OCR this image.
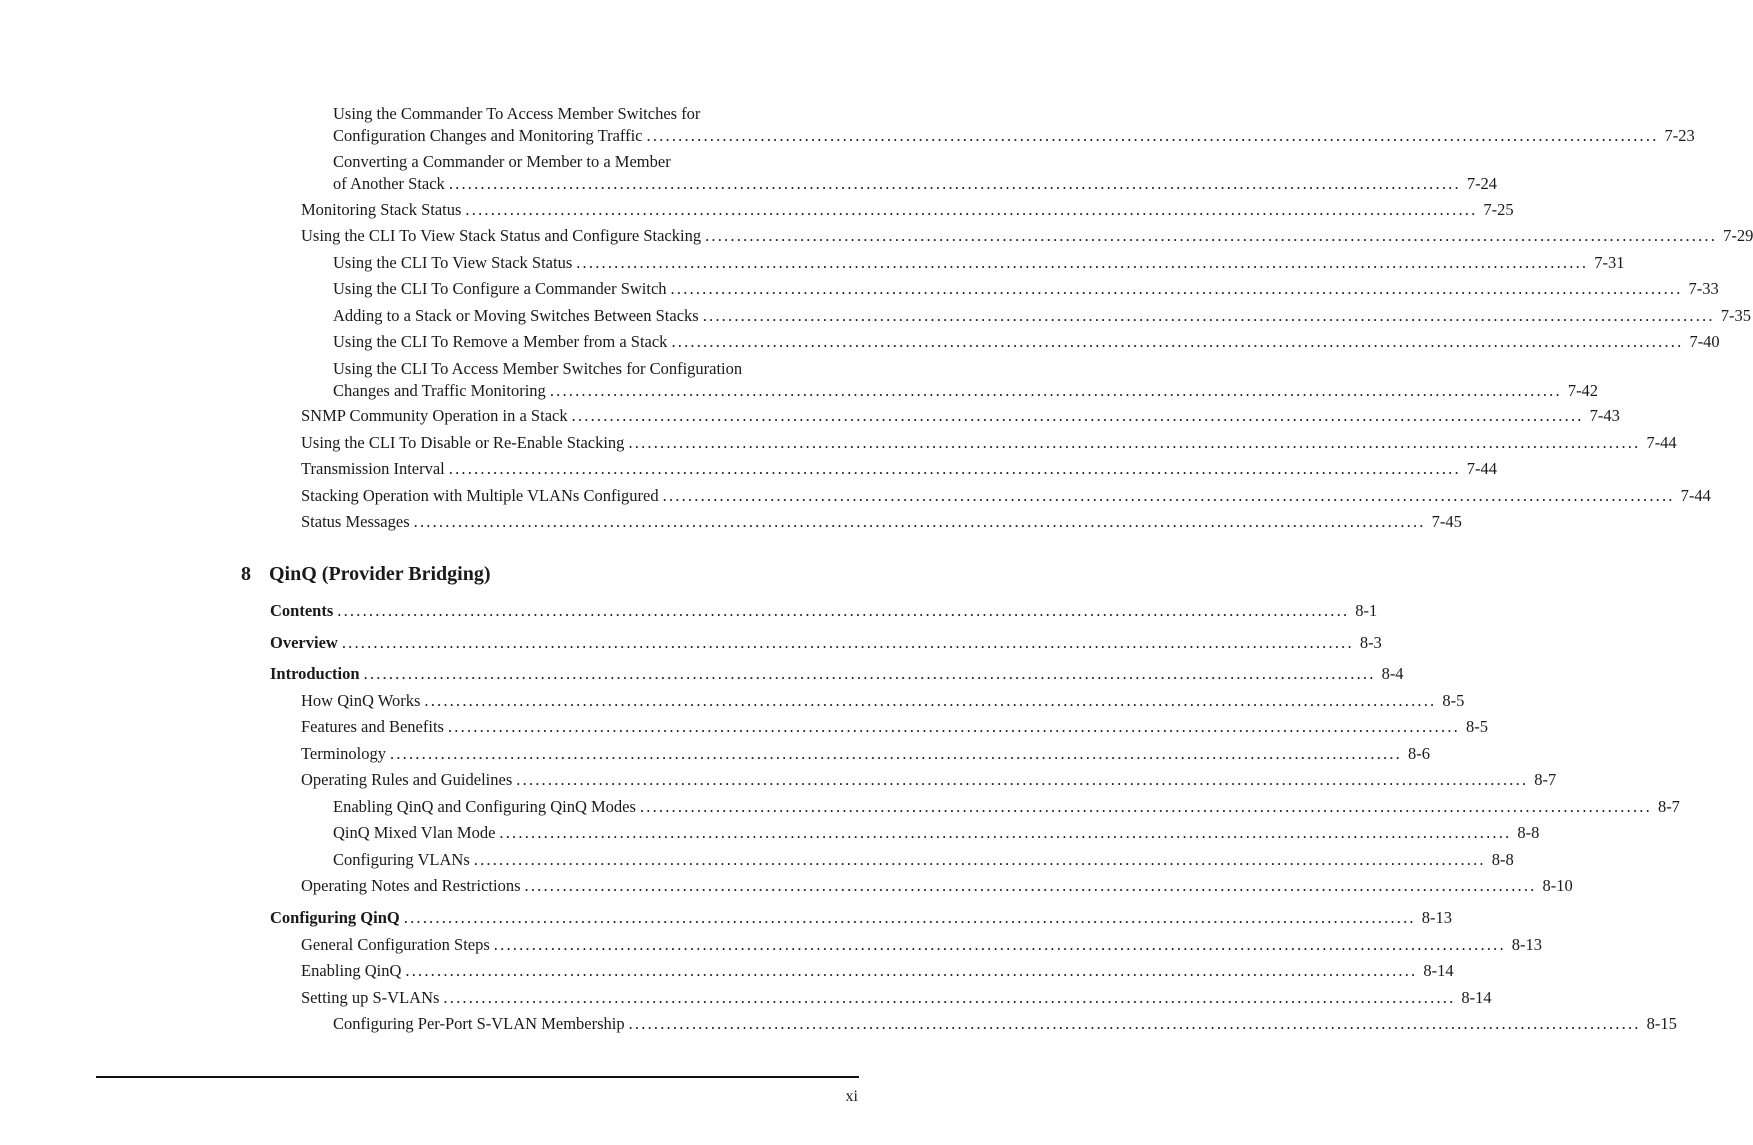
8 QinQ (Provider Bridging)
Using the Commander To Access Member Switches for
Configuration Changes and Monitoring Traffic ................................................................................................................................................................ 7-23
Converting a Commander or Member to a Member
of Another Stack ................................................................................................................................................................ 7-24
Monitoring Stack Status ................................................................................................................................................................ 7-25
Using the CLI To View Stack Status and Configure Stacking ................................................................................................................................................................ 7-29
Using the CLI To View Stack Status ................................................................................................................................................................ 7-31
Using the CLI To Configure a Commander Switch ................................................................................................................................................................ 7-33
Adding to a Stack or Moving Switches Between Stacks ................................................................................................................................................................ 7-35
Using the CLI To Remove a Member from a Stack ................................................................................................................................................................ 7-40
Using the CLI To Access Member Switches for Configuration
Changes and Traffic Monitoring ................................................................................................................................................................ 7-42
SNMP Community Operation in a Stack ................................................................................................................................................................ 7-43
Using the CLI To Disable or Re-Enable Stacking ................................................................................................................................................................ 7-44
Transmission Interval ................................................................................................................................................................ 7-44
Stacking Operation with Multiple VLANs Configured ................................................................................................................................................................ 7-44
Status Messages ................................................................................................................................................................ 7-45
Contents ................................................................................................................................................................ 8-1
Overview ................................................................................................................................................................ 8-3
Introduction ................................................................................................................................................................ 8-4
How QinQ Works ................................................................................................................................................................ 8-5
Features and Benefits ................................................................................................................................................................ 8-5
Terminology ................................................................................................................................................................ 8-6
Operating Rules and Guidelines ................................................................................................................................................................ 8-7
Enabling QinQ and Configuring QinQ Modes ................................................................................................................................................................ 8-7
QinQ Mixed Vlan Mode ................................................................................................................................................................ 8-8
Configuring VLANs ................................................................................................................................................................ 8-8
Operating Notes and Restrictions ................................................................................................................................................................ 8-10
Configuring QinQ ................................................................................................................................................................ 8-13
General Configuration Steps ................................................................................................................................................................ 8-13
Enabling QinQ ................................................................................................................................................................ 8-14
Setting up S-VLANs ................................................................................................................................................................ 8-14
Configuring Per-Port S-VLAN Membership ................................................................................................................................................................ 8-15
xi
